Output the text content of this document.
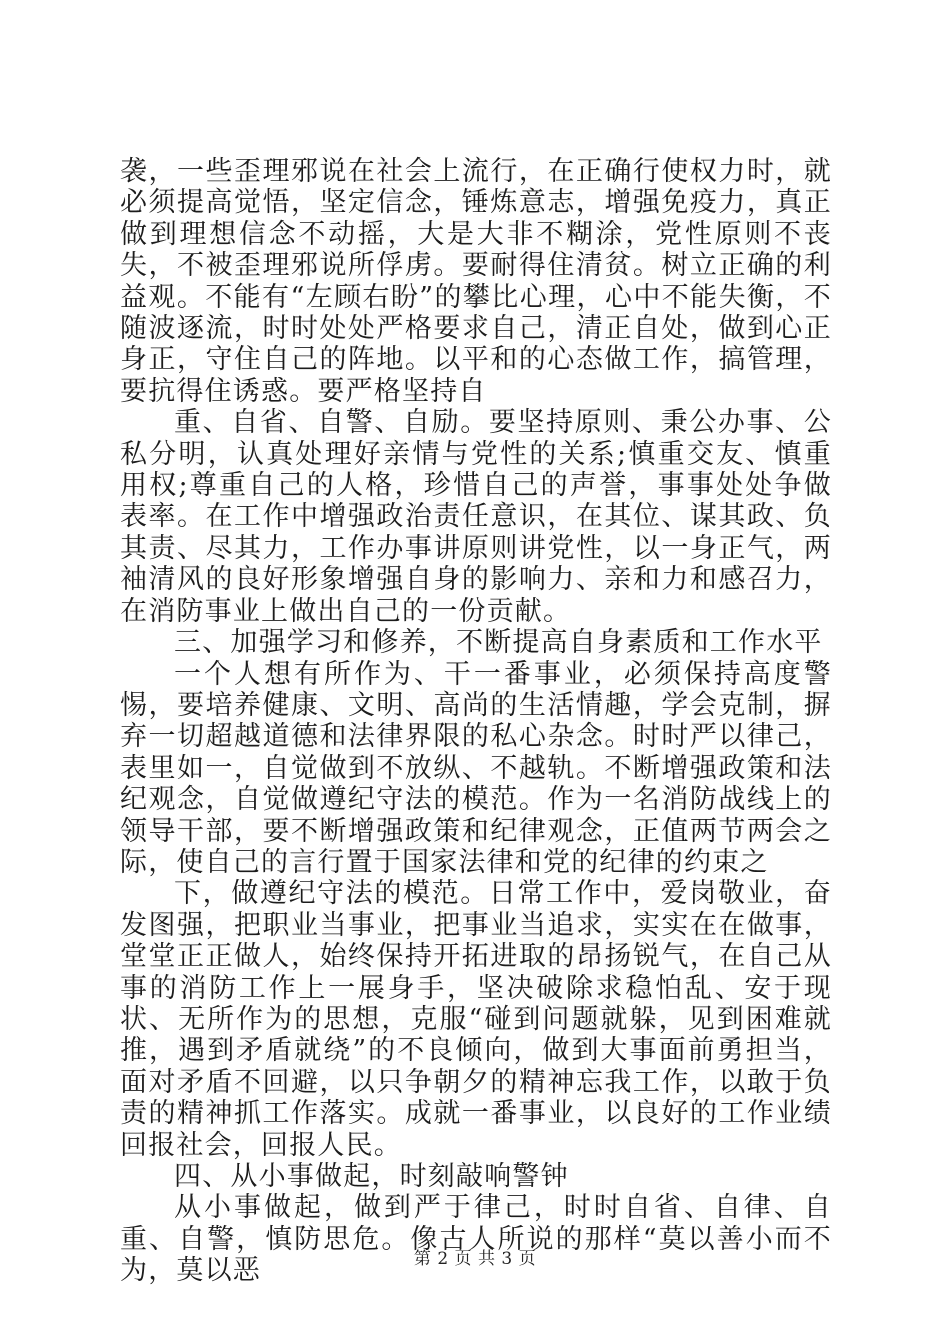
袭，一些歪理邪说在社会上流行，在正确行使权力时，就必须提高觉悟，坚定信念，锤炼意志，增强免疫力，真正做到理想信念不动摇，大是大非不糊涂，党性原则不丧失，不被歪理邪说所俘虏。要耐得住清贫。树立正确的利益观。不能有“左顾右盼”的攀比心理，心中不能失衡，不随波逐流，时时处处严格要求自己，清正自处，做到心正身正，守住自己的阵地。以平和的心态做工作，搞管理，要抗得住诱惑。要严格坚持自

重、自省、自警、自励。要坚持原则、秉公办事、公私分明，认真处理好亲情与党性的关系;慎重交友、慎重用权;尊重自己的人格，珍惜自己的声誉，事事处处争做表率。在工作中增强政治责任意识，在其位、谋其政、负其责、尽其力，工作办事讲原则讲党性，以一身正气，两袖清风的良好形象增强自身的影响力、亲和力和感召力，在消防事业上做出自己的一份贡献。

三、加强学习和修养，不断提高自身素质和工作水平

一个人想有所作为、干一番事业，必须保持高度警惕，要培养健康、文明、高尚的生活情趣，学会克制，摒弃一切超越道德和法律界限的私心杂念。时时严以律己，表里如一，自觉做到不放纵、不越轨。不断增强政策和法纪观念，自觉做遵纪守法的模范。作为一名消防战线上的领导干部，要不断增强政策和纪律观念，正值两节两会之际，使自己的言行置于国家法律和党的纪律的约束之

下，做遵纪守法的模范。日常工作中，爱岗敬业，奋发图强，把职业当事业，把事业当追求，实实在在做事，堂堂正正做人，始终保持开拓进取的昂扬锐气，在自己从事的消防工作上一展身手，坚决破除求稳怕乱、安于现状、无所作为的思想，克服“碰到问题就躲，见到困难就推，遇到矛盾就绕”的不良倾向，做到大事面前勇担当，面对矛盾不回避，以只争朝夕的精神忘我工作，以敢于负责的精神抓工作落实。成就一番事业，以良好的工作业绩回报社会，回报人民。

四、从小事做起，时刻敲响警钟

从小事做起，做到严于律己，时时自省、自律、自重、自警，慎防思危。像古人所说的那样“莫以善小而不为，莫以恶	第 2 页 共 3 页
